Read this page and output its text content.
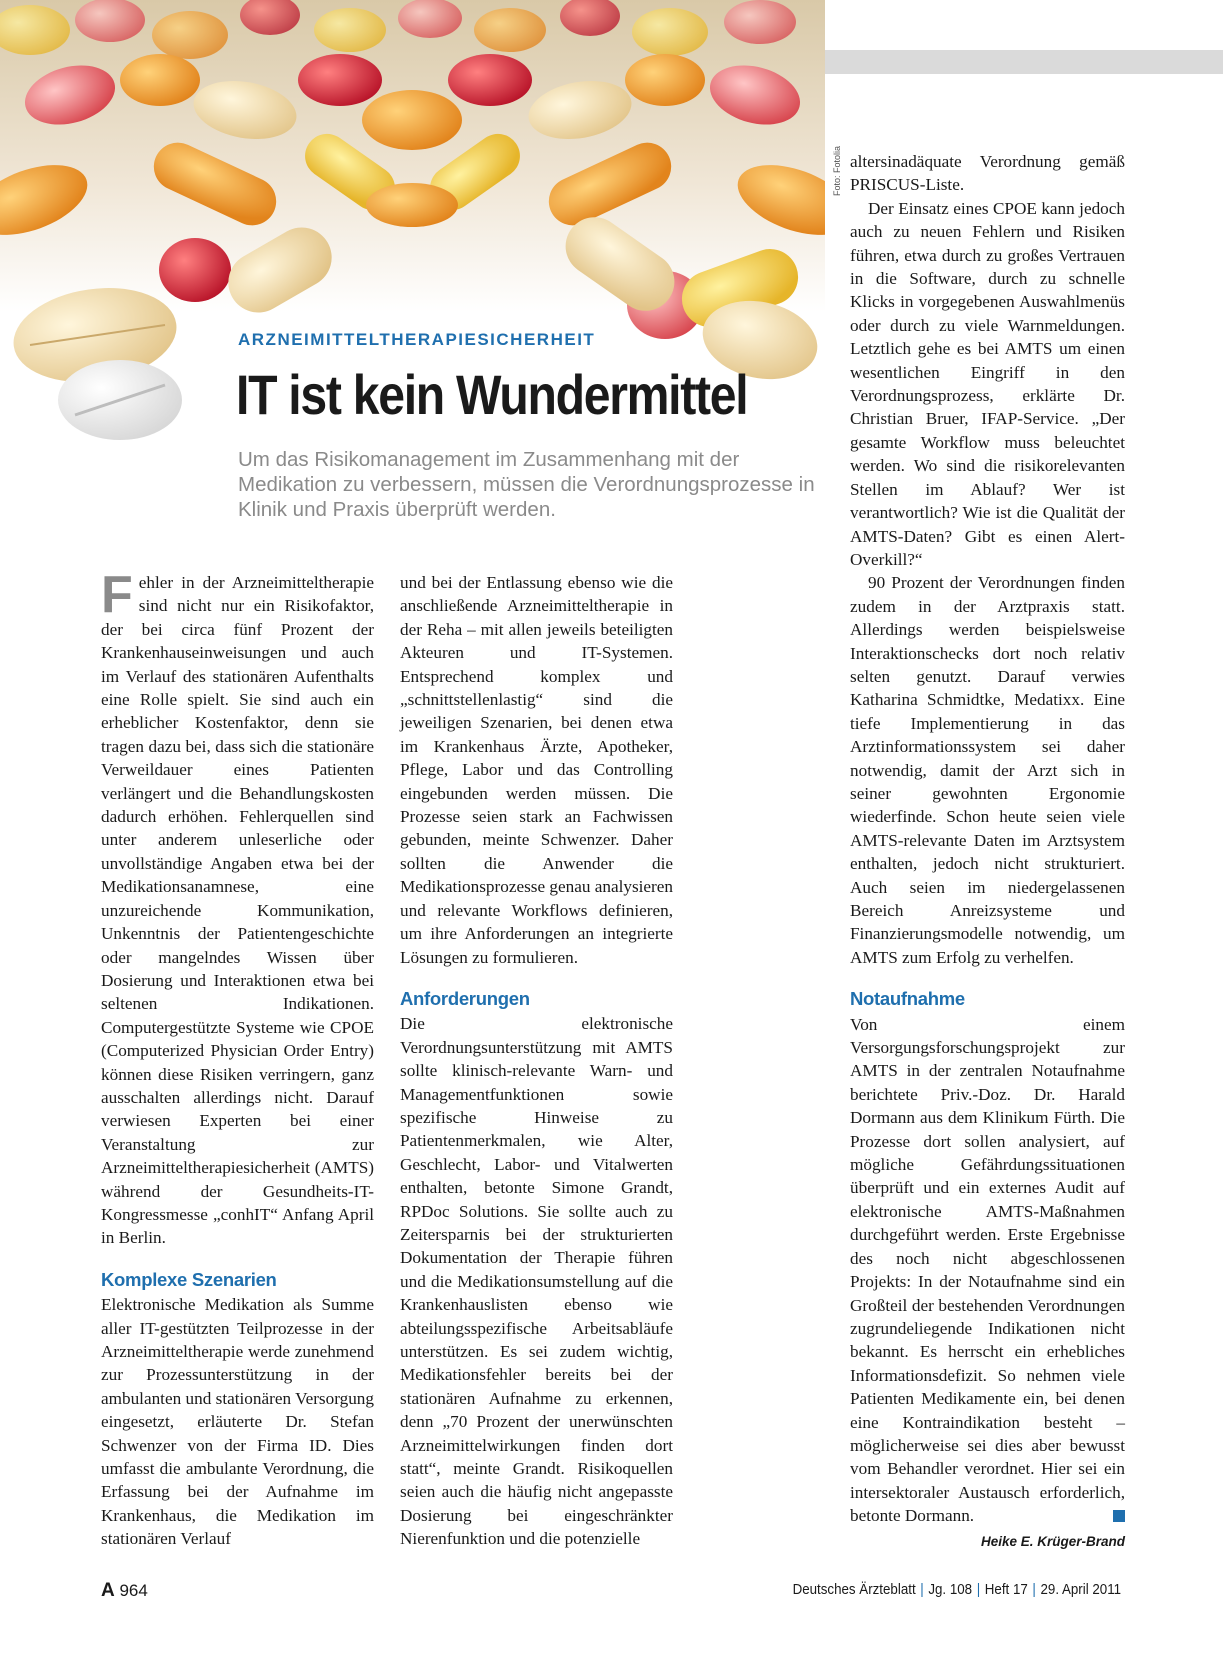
Foto: Fotolia
ARZNEIMITTELTHERAPIESICHERHEIT
IT ist kein Wundermittel
Um das Risikomanagement im Zusammenhang mit der Medikation zu verbessern, müssen die Verordnungsprozesse in Klinik und Praxis überprüft werden.

Fehler in der Arzneimitteltherapie sind nicht nur ein Risikofaktor, der bei circa fünf Prozent der Krankenhauseinweisungen und auch im Verlauf des stationären Aufenthalts eine Rolle spielt. Sie sind auch ein erheblicher Kostenfaktor, denn sie tragen dazu bei, dass sich die stationäre Verweildauer eines Patienten verlängert und die Behandlungskosten dadurch erhöhen. Fehlerquellen sind unter anderem unleserliche oder unvollständige Angaben etwa bei der Medikationsanamnese, eine unzureichende Kommunikation, Unkenntnis der Patientengeschichte oder mangelndes Wissen über Dosierung und Interaktionen etwa bei seltenen Indikationen. Computergestützte Systeme wie CPOE (Computerized Physician Order Entry) können diese Risiken verringern, ganz ausschalten allerdings nicht. Darauf verwiesen Experten bei einer Veranstaltung zur Arzneimitteltherapiesicherheit (AMTS) während der Gesundheits-IT-Kongressmesse „conhIT“ Anfang April in Berlin.

Komplexe Szenarien

Elektronische Medikation als Summe aller IT-gestützten Teilprozesse in der Arzneimitteltherapie werde zunehmend zur Prozessunterstützung in der ambulanten und stationären Versorgung eingesetzt, erläuterte Dr. Stefan Schwenzer von der Firma ID. Dies umfasst die ambulante Verordnung, die Erfassung bei der Aufnahme im Krankenhaus, die Medikation im stationären Verlauf

und bei der Entlassung ebenso wie die anschließende Arzneimitteltherapie in der Reha – mit allen jeweils beteiligten Akteuren und IT-Systemen. Entsprechend komplex und „schnittstellenlastig“ sind die jeweiligen Szenarien, bei denen etwa im Krankenhaus Ärzte, Apotheker, Pflege, Labor und das Controlling eingebunden werden müssen. Die Prozesse seien stark an Fachwissen gebunden, meinte Schwenzer. Daher sollten die Anwender die Medikationsprozesse genau analysieren und relevante Workflows definieren, um ihre Anforderungen an integrierte Lösungen zu formulieren.

Anforderungen

Die elektronische Verordnungsunterstützung mit AMTS sollte klinisch-relevante Warn- und Managementfunktionen sowie spezifische Hinweise zu Patientenmerkmalen, wie Alter, Geschlecht, Labor- und Vitalwerten enthalten, betonte Simone Grandt, RPDoc Solutions. Sie sollte auch zu Zeitersparnis bei der strukturierten Dokumentation der Therapie führen und die Medikationsumstellung auf die Krankenhauslisten ebenso wie abteilungsspezifische Arbeitsabläufe unterstützen. Es sei zudem wichtig, Medikationsfehler bereits bei der stationären Aufnahme zu erkennen, denn „70 Prozent der unerwünschten Arzneimittelwirkungen finden dort statt“, meinte Grandt. Risikoquellen seien auch die häufig nicht angepasste Dosierung bei eingeschränkter Nierenfunktion und die potenzielle

altersinadäquate Verordnung gemäß PRISCUS-Liste.

Der Einsatz eines CPOE kann jedoch auch zu neuen Fehlern und Risiken führen, etwa durch zu großes Vertrauen in die Software, durch zu schnelle Klicks in vorgegebenen Auswahlmenüs oder durch zu viele Warnmeldungen. Letztlich gehe es bei AMTS um einen wesentlichen Eingriff in den Verordnungsprozess, erklärte Dr. Christian Bruer, IFAP-Service. „Der gesamte Workflow muss beleuchtet werden. Wo sind die risikorelevanten Stellen im Ablauf? Wer ist verantwortlich? Wie ist die Qualität der AMTS-Daten? Gibt es einen Alert-Overkill?“

90 Prozent der Verordnungen finden zudem in der Arztpraxis statt. Allerdings werden beispielsweise Interaktionschecks dort noch relativ selten genutzt. Darauf verwies Katharina Schmidtke, Medatixx. Eine tiefe Implementierung in das Arztinformationssystem sei daher notwendig, damit der Arzt sich in seiner gewohnten Ergonomie wiederfinde. Schon heute seien viele AMTS-relevante Daten im Arztsystem enthalten, jedoch nicht strukturiert. Auch seien im niedergelassenen Bereich Anreizsysteme und Finanzierungsmodelle notwendig, um AMTS zum Erfolg zu verhelfen.

Notaufnahme

Von einem Versorgungsforschungsprojekt zur AMTS in der zentralen Notaufnahme berichtete Priv.-Doz. Dr. Harald Dormann aus dem Klinikum Fürth. Die Prozesse dort sollen analysiert, auf mögliche Gefährdungssituationen überprüft und ein externes Audit auf elektronische AMTS-Maßnahmen durchgeführt werden. Erste Ergebnisse des noch nicht abgeschlossenen Projekts: In der Notaufnahme sind ein Großteil der bestehenden Verordnungen zugrundeliegende Indikationen nicht bekannt. Es herrscht ein erhebliches Informationsdefizit. So nehmen viele Patienten Medikamente ein, bei denen eine Kontraindikation besteht – möglicherweise sei dies aber bewusst vom Behandler verordnet. Hier sei ein intersektoraler Austausch erforderlich, betonte Dormann.

Heike E. Krüger-Brand
A 964	Deutsches Ärzteblatt | Jg. 108 | Heft 17 | 29. April 2011
